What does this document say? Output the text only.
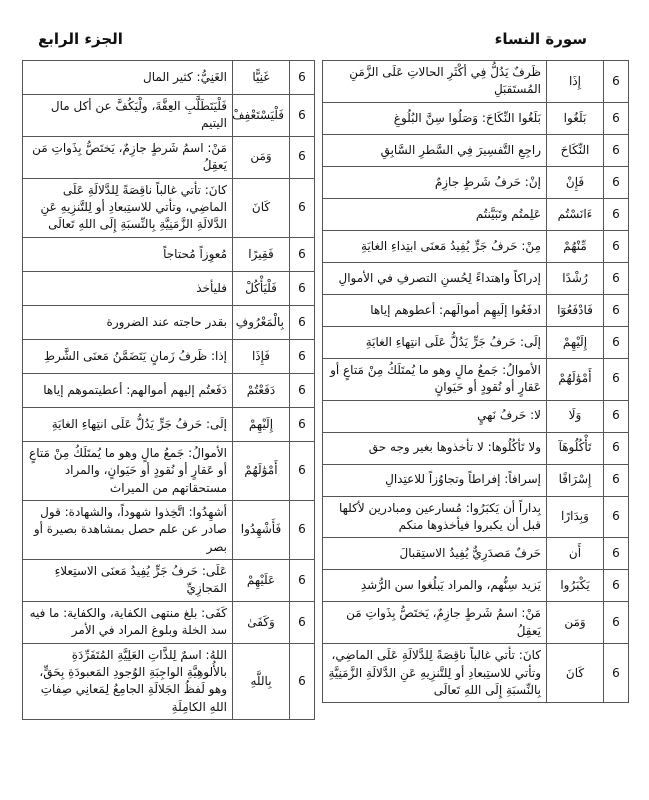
سورة النساء
الجزء الرابع
ظَرفٌ يَدُلُّ فِي أكْثَرِ الحالاتِ عَلَى الزَّمَنِ المُستَقبَلِ	إِذَا	6
بَلَغُوا النِّكَاحَ: وَصَلُوا سِنَّ البُلُوغِ	بَلَغُوا	6
راجِعِ التَّفسِيرَ فِي السَّطرِ السَّابِقِ	النِّكَاحَ	6
إنْ: حَرفُ شَرطٍ جازِمٌ	فَإِنْ	6
عَلِمتُم وتَبَيَّنتُم	ءَانَسْتُم	6
مِنْ: حَرفُ جَرٍّ يُفِيدُ مَعنَى ابتِداءِ الغايَةِ	مِّنْهُمْ	6
إدراكاً واهتداءً لِحُسنِ التصرفِ في الأموالِ	رُشْدًا	6
ادفَعُوا إلَيهِم أموالَهم: أعطوهم إياها	فَادْفَعُوٓا	6
إلَى: حَرفُ جَرٍّ يَدُلُّ عَلَى انتِهاءِ الغايَةِ	إِلَيْهِمْ	6
الأموالُ: جَمعُ مالٍ وهو ما يُمتَلَكُ مِنْ مَتاعٍ أو عَقارٍ أو نُقودٍ أو حَيَوانٍ	أَمْوَٰلَهُمْ	6
لا: حَرفُ نَهيٍ	وَلَا	6
ولا تَأكُلُوها: لا تأخذوها بغير وجه حق	تَأْكُلُوهَآ	6
إسرافاً: إفراطاً وتجاوُزاً للاعتِدالِ	إِسْرَافًا	6
بِداراً أن يَكبَرُوا: مُسارعين ومبادرين لأكلها قبل أن يكبروا فيأخذوها منكم	وَبِدَارًا	6
حَرفٌ مَصدَرِيٌّ يُفِيدُ الاستِقبالَ	أَن	6
يَزيد سِنُّهم، والمراد يَبلُغوا سن الرُّشدِ	يَكْبَرُوا	6
مَنْ: اسمُ شَرطٍ جازِمٌ، يَختَصُّ بِذَواتِ مَن يَعقِلُ	وَمَن	6
كانَ: تأتي غالباً ناقِصَةً لِلدَّلالَةِ عَلَى الماضِي، وتأتي للاستِبعادِ أو لِلتَّنزِيهِ عَنِ الدَّلالَةِ الزَّمَنِيَّةِ بِالنِّسبَةِ إِلَى اللهِ تَعالَى	كَانَ	6
الغَنِيُّ: كثير المال	غَنِيًّا	6
فَلْيَتَطَلَّبِ العِفَّةَ، ولْيَكُفَّ عن أكل مال اليتيم	فَلْيَسْتَعْفِفْ	6
مَنْ: اسمُ شَرطٍ جازِمٌ، يَختَصُّ بِذَواتِ مَن يَعقِلُ	وَمَن	6
كانَ: تأتي غالباً ناقِصَةً لِلدَّلالَةِ عَلَى الماضِي، وتأتي للاستِبعادِ أو لِلتَّنزِيهِ عَنِ الدَّلالَةِ الزَّمَنِيَّةِ بِالنِّسبَةِ إِلَى اللهِ تَعالَى	كَانَ	6
مُعوِزاً مُحتاجاً	فَقِيرًا	6
فليأخذ	فَلْيَأْكُلْ	6
بقدر حاجته عند الضرورة	بِالْمَعْرُوفِ	6
إذا: ظَرفُ زَمانٍ يَتَضَمَّنُ مَعنَى الشَّرطِ	فَإِذَا	6
دَفَعتُم إليهم أموالهم: أعطيتموهم إياها	دَفَعْتُمْ	6
إلَى: حَرفُ جَرٍّ يَدُلُّ عَلَى انتِهاءِ الغايَةِ	إِلَيْهِمْ	6
الأموالُ: جَمعُ مالٍ وهو ما يُمتَلَكُ مِنْ مَتاعٍ أو عَقارٍ أو نُقودٍ أو حَيَوانٍ، والمراد مستحقاتهم من الميراث	أَمْوَٰلَهُمْ	6
أشهِدُوا: اتَّخِذوا شهوداً، والشهادة: قول صادر عن علم حصل بمشاهدة بصيرة أو بصر	فَأَشْهِدُوا	6
عَلَى: حَرفُ جَرٍّ يُفِيدُ مَعنَى الاستِعلاءِ المَجازِيِّ	عَلَيْهِمْ	6
كَفَى: بلغ منتهى الكفاية، والكفاية: ما فيه سد الخلة وبلوغ المراد في الأمر	وَكَفَىٰ	6
اللهُ: اسمٌ لِلذَّاتِ العَلِيَّةِ المُتَفَرِّدَةِ بالأُلوهِيَّةِ الواجِبَةِ الوُجودِ المَعبودَةِ بِحَقٍّ، وهو لَفظُ الجَلالَةِ الجامِعُ لِمَعانِي صِفاتِ اللهِ الكامِلَةِ	بِاللَّهِ	6
